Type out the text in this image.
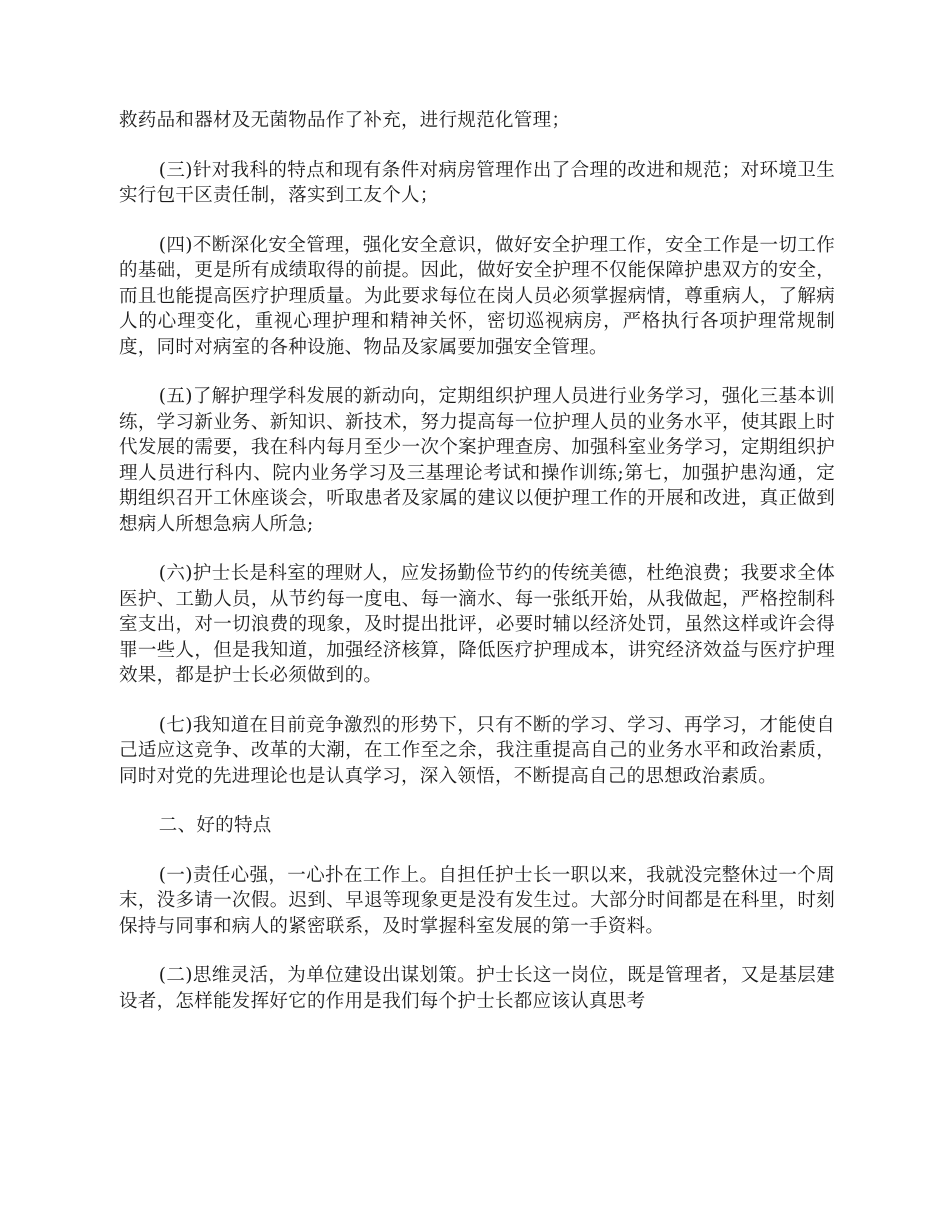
救药品和器材及无菌物品作了补充，进行规范化管理；

(三)针对我科的特点和现有条件对病房管理作出了合理的改进和规范；对环境卫生实行包干区责任制，落实到工友个人；

(四)不断深化安全管理，强化安全意识，做好安全护理工作，安全工作是一切工作的基础，更是所有成绩取得的前提。因此，做好安全护理不仅能保障护患双方的安全，而且也能提高医疗护理质量。为此要求每位在岗人员必须掌握病情，尊重病人，了解病人的心理变化，重视心理护理和精神关怀，密切巡视病房，严格执行各项护理常规制度，同时对病室的各种设施、物品及家属要加强安全管理。

(五)了解护理学科发展的新动向，定期组织护理人员进行业务学习，强化三基本训练，学习新业务、新知识、新技术，努力提高每一位护理人员的业务水平，使其跟上时代发展的需要，我在科内每月至少一次个案护理查房、加强科室业务学习，定期组织护理人员进行科内、院内业务学习及三基理论考试和操作训练;第七，加强护患沟通，定期组织召开工休座谈会，听取患者及家属的建议以便护理工作的开展和改进，真正做到想病人所想急病人所急;

(六)护士长是科室的理财人，应发扬勤俭节约的传统美德，杜绝浪费；我要求全体医护、工勤人员，从节约每一度电、每一滴水、每一张纸开始，从我做起，严格控制科室支出，对一切浪费的现象，及时提出批评，必要时辅以经济处罚，虽然这样或许会得罪一些人，但是我知道，加强经济核算，降低医疗护理成本，讲究经济效益与医疗护理效果，都是护士长必须做到的。

(七)我知道在目前竞争激烈的形势下，只有不断的学习、学习、再学习，才能使自己适应这竞争、改革的大潮，在工作至之余，我注重提高自己的业务水平和政治素质，同时对党的先进理论也是认真学习，深入领悟，不断提高自己的思想政治素质。

二、好的特点

(一)责任心强，一心扑在工作上。自担任护士长一职以来，我就没完整休过一个周末，没多请一次假。迟到、早退等现象更是没有发生过。大部分时间都是在科里，时刻保持与同事和病人的紧密联系，及时掌握科室发展的第一手资料。

(二)思维灵活，为单位建设出谋划策。护士长这一岗位，既是管理者，又是基层建设者，怎样能发挥好它的作用是我们每个护士长都应该认真思考
